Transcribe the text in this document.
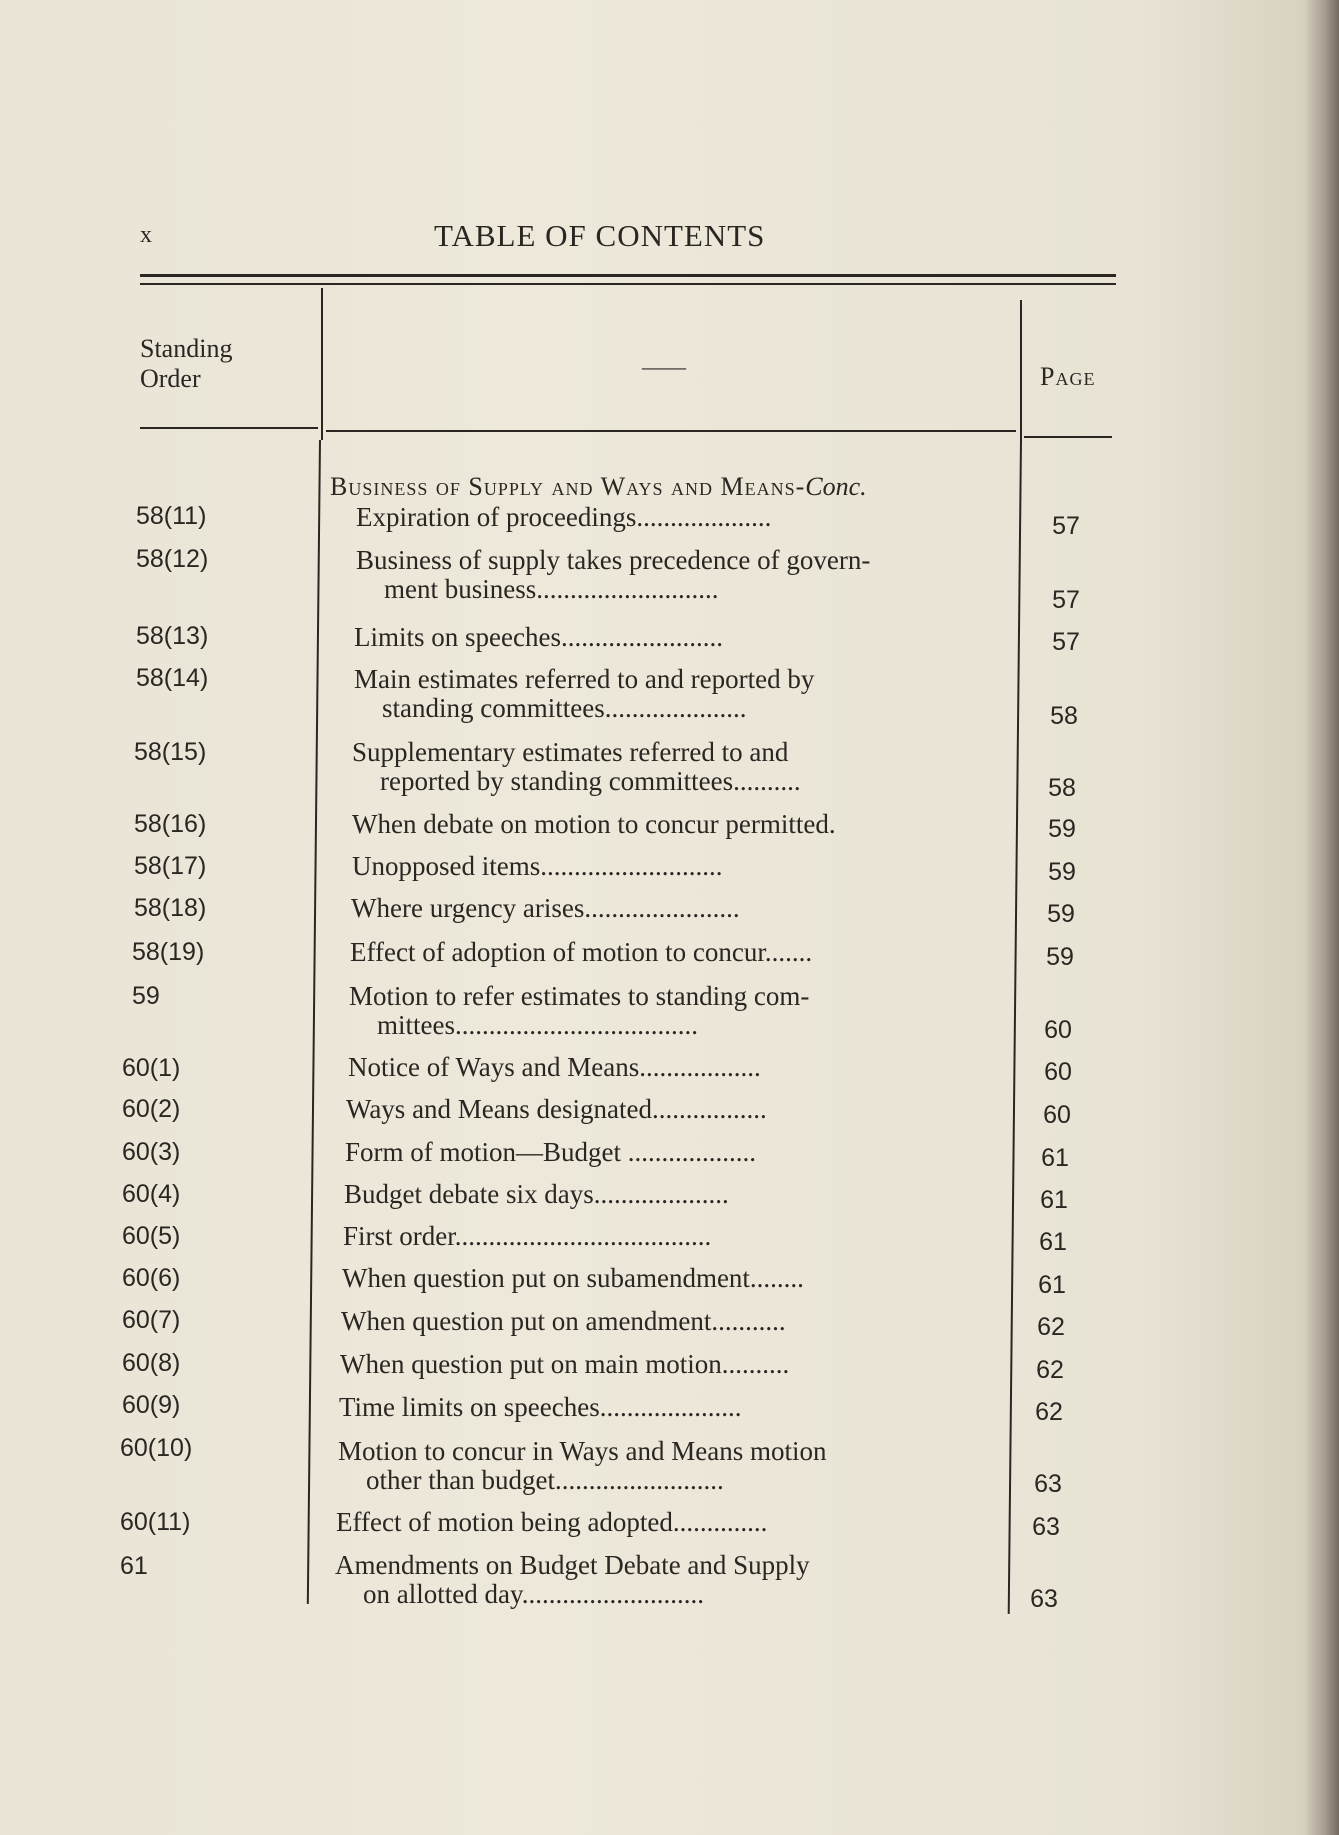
x	TABLE OF CONTENTS
Standing
Order	——	Page
Business of Supply and Ways and Means-Conc.
58(11)	Expiration of proceedings....................	57
58(12)	Business of supply takes precedence of govern-
ment business...........................	57
58(13)	Limits on speeches........................	57
58(14)	Main estimates referred to and reported by
standing committees.....................	58
58(15)	Supplementary estimates referred to and
reported by standing committees..........	58
58(16)	When debate on motion to concur permitted.	59
58(17)	Unopposed items...........................	59
58(18)	Where urgency arises.......................	59
58(19)	Effect of adoption of motion to concur.......	59
59	Motion to refer estimates to standing com-
mittees....................................	60
60(1)	Notice of Ways and Means..................	60
60(2)	Ways and Means designated.................	60
60(3)	Form of motion—Budget ...................	61
60(4)	Budget debate six days....................	61
60(5)	First order......................................	61
60(6)	When question put on subamendment........	61
60(7)	When question put on amendment...........	62
60(8)	When question put on main motion..........	62
60(9)	Time limits on speeches.....................	62
60(10)	Motion to concur in Ways and Means motion
other than budget.........................	63
60(11)	Effect of motion being adopted..............	63
61	Amendments on Budget Debate and Supply
on allotted day...........................	63
